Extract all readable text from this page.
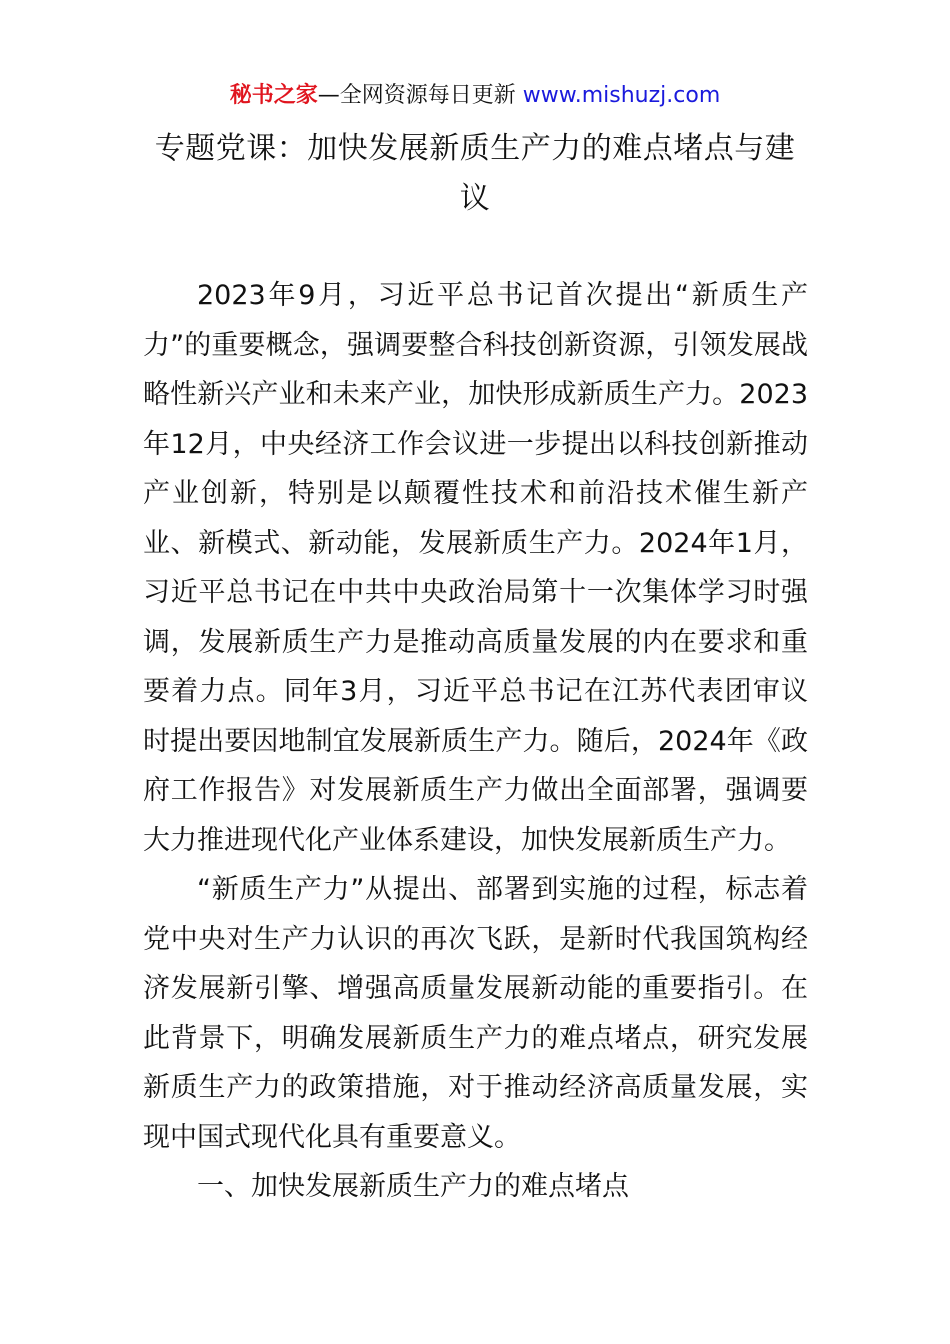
秘书之家—全网资源每日更新 www.mishuzj.com
专题党课：加快发展新质生产力的难点堵点与建议

2023年9月，习近平总书记首次提出“新质生产力”的重要概念，强调要整合科技创新资源，引领发展战略性新兴产业和未来产业，加快形成新质生产力。2023年12月，中央经济工作会议进一步提出以科技创新推动产业创新，特别是以颠覆性技术和前沿技术催生新产业、新模式、新动能，发展新质生产力。2024年1月，习近平总书记在中共中央政治局第十一次集体学习时强调，发展新质生产力是推动高质量发展的内在要求和重要着力点。同年3月，习近平总书记在江苏代表团审议时提出要因地制宜发展新质生产力。随后，2024年《政府工作报告》对发展新质生产力做出全面部署，强调要大力推进现代化产业体系建设，加快发展新质生产力。

“新质生产力”从提出、部署到实施的过程，标志着党中央对生产力认识的再次飞跃，是新时代我国筑构经济发展新引擎、增强高质量发展新动能的重要指引。在此背景下，明确发展新质生产力的难点堵点，研究发展新质生产力的政策措施，对于推动经济高质量发展，实现中国式现代化具有重要意义。

一、加快发展新质生产力的难点堵点
